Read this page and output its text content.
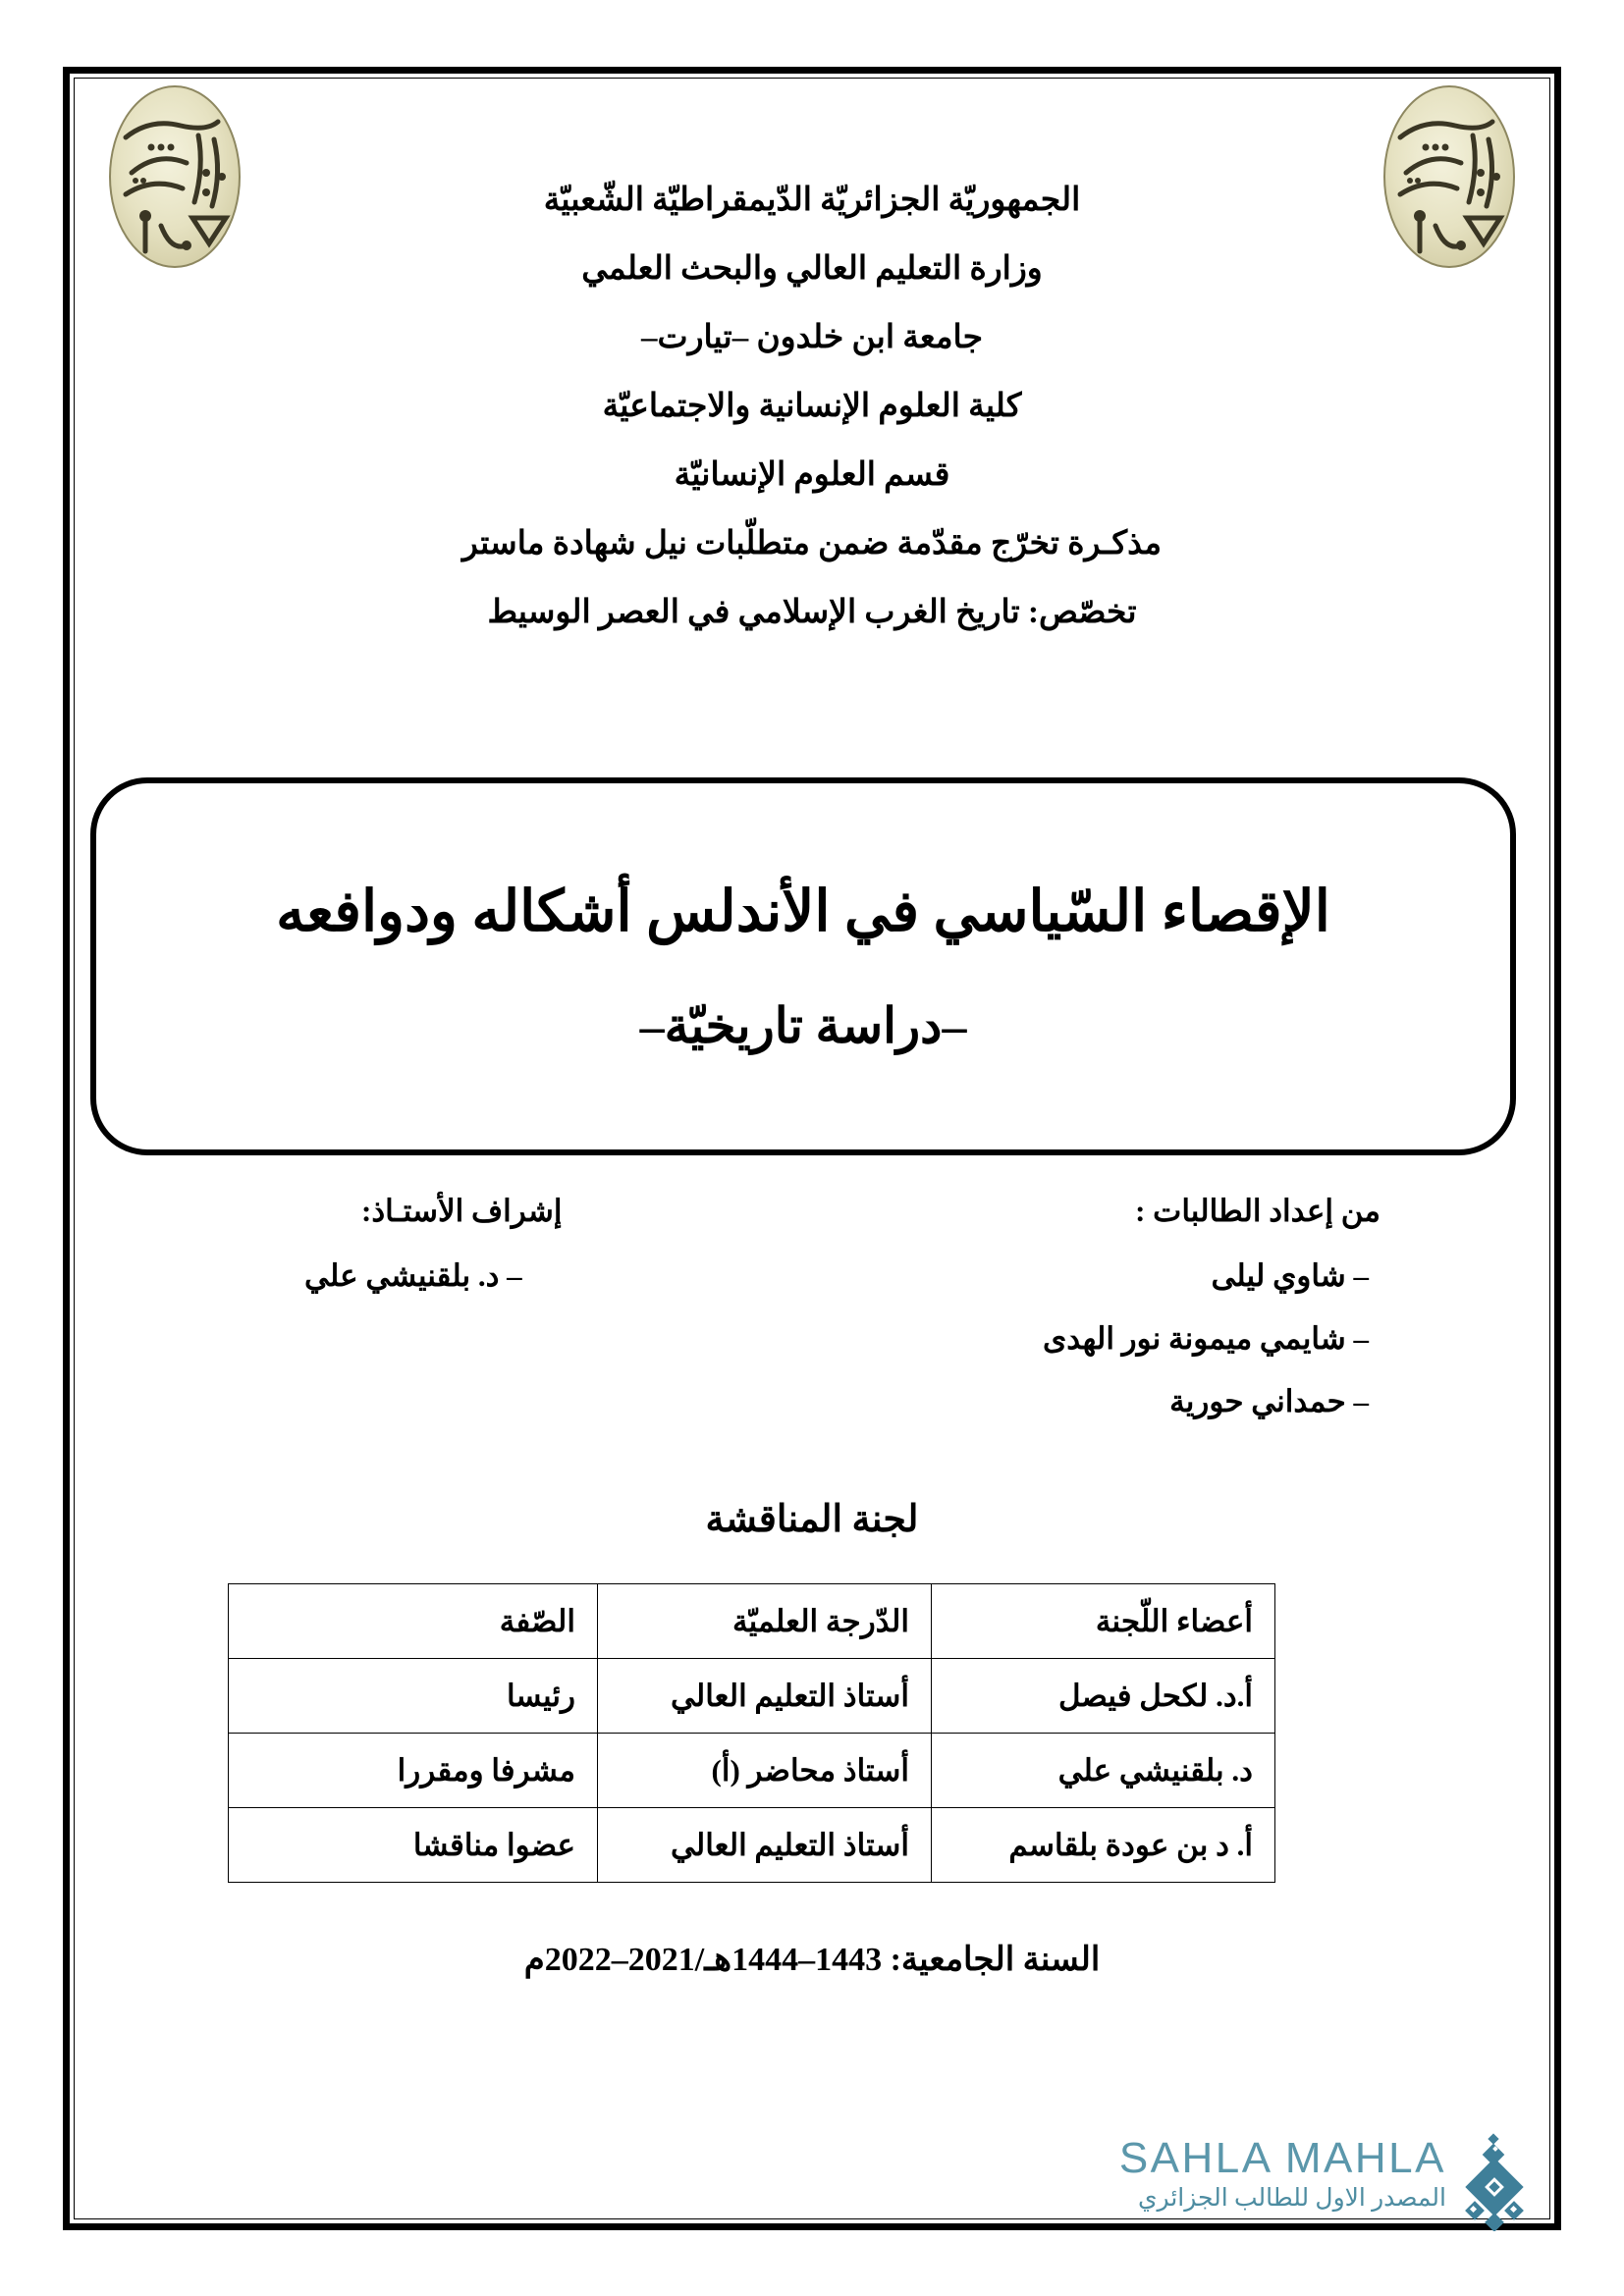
الجمهوريّة الجزائريّة الدّيمقراطيّة الشّعبيّة
وزارة التعليم العالي والبحث العلمي
جامعة ابن خلدون –تيارت–
كلية العلوم الإنسانية والاجتماعيّة
قسم العلوم الإنسانيّة
مذكـرة تخرّج مقدّمة ضمن متطلّبات نيل شهادة ماستر
تخصّص: تاريخ الغرب الإسلامي في العصر الوسيط
الإقصاء السّياسي في الأندلس أشكاله ودوافعه
–دراسة تاريخيّة–
من إعداد الطالبات :
– شاوي ليلى
– شايمي ميمونة نور الهدى
– حمداني حورية
إشراف الأستـاذ:
– د. بلقنيشي علي
لجنة المناقشة
أعضاء اللّجنة	الدّرجة العلميّة	الصّفة
أ.د. لكحل فيصل	أستاذ التعليم العالي	رئيسا
د. بلقنيشي علي	أستاذ محاضر (أ)	مشرفا ومقررا
أ. د بن عودة بلقاسم	أستاذ التعليم العالي	عضوا مناقشا
السنة الجامعية: 1443–1444هـ/2021–2022م
SAHLA MAHLA
المصدر الاول للطالب الجزائري
